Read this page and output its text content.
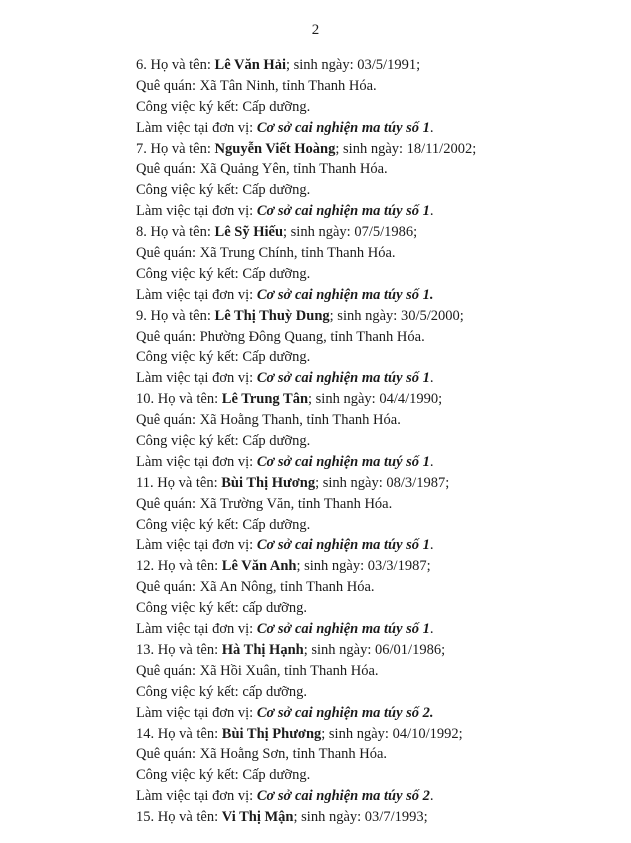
2
6. Họ và tên: Lê Văn Hải; sinh ngày: 03/5/1991;
Quê quán: Xã Tân Ninh, tỉnh Thanh Hóa.
Công việc ký kết: Cấp dưỡng.
Làm việc tại đơn vị: Cơ sở cai nghiện ma túy số 1.
7. Họ và tên: Nguyễn Viết Hoàng; sinh ngày: 18/11/2002;
Quê quán: Xã Quảng Yên, tỉnh Thanh Hóa.
Công việc ký kết: Cấp dưỡng.
Làm việc tại đơn vị: Cơ sở cai nghiện ma túy số 1.
8. Họ và tên: Lê Sỹ Hiếu; sinh ngày: 07/5/1986;
Quê quán: Xã Trung Chính, tỉnh Thanh Hóa.
Công việc ký kết: Cấp dưỡng.
Làm việc tại đơn vị: Cơ sở cai nghiện ma túy số 1.
9. Họ và tên: Lê Thị Thuỳ Dung; sinh ngày: 30/5/2000;
Quê quán: Phường Đông Quang, tỉnh Thanh Hóa.
Công việc ký kết: Cấp dưỡng.
Làm việc tại đơn vị: Cơ sở cai nghiện ma túy số 1.
10. Họ và tên: Lê Trung Tân; sinh ngày: 04/4/1990;
Quê quán: Xã Hoằng Thanh, tỉnh Thanh Hóa.
Công việc ký kết: Cấp dưỡng.
Làm việc tại đơn vị: Cơ sở cai nghiện ma tuý số 1.
11. Họ và tên: Bùi Thị Hương; sinh ngày: 08/3/1987;
Quê quán: Xã Trường Văn, tỉnh Thanh Hóa.
Công việc ký kết: Cấp dưỡng.
Làm việc tại đơn vị: Cơ sở cai nghiện ma túy số 1.
12. Họ và tên: Lê Văn Anh; sinh ngày: 03/3/1987;
Quê quán: Xã An Nông, tỉnh Thanh Hóa.
Công việc ký kết: cấp dưỡng.
Làm việc tại đơn vị: Cơ sở cai nghiện ma túy số 1.
13. Họ và tên: Hà Thị Hạnh; sinh ngày: 06/01/1986;
Quê quán: Xã Hồi Xuân, tỉnh Thanh Hóa.
Công việc ký kết: cấp dưỡng.
Làm việc tại đơn vị: Cơ sở cai nghiện ma túy số 2.
14. Họ và tên: Bùi Thị Phương; sinh ngày: 04/10/1992;
Quê quán: Xã Hoằng Sơn, tỉnh Thanh Hóa.
Công việc ký kết: Cấp dưỡng.
Làm việc tại đơn vị: Cơ sở cai nghiện ma túy số 2.
15. Họ và tên: Vi Thị Mận; sinh ngày: 03/7/1993;
